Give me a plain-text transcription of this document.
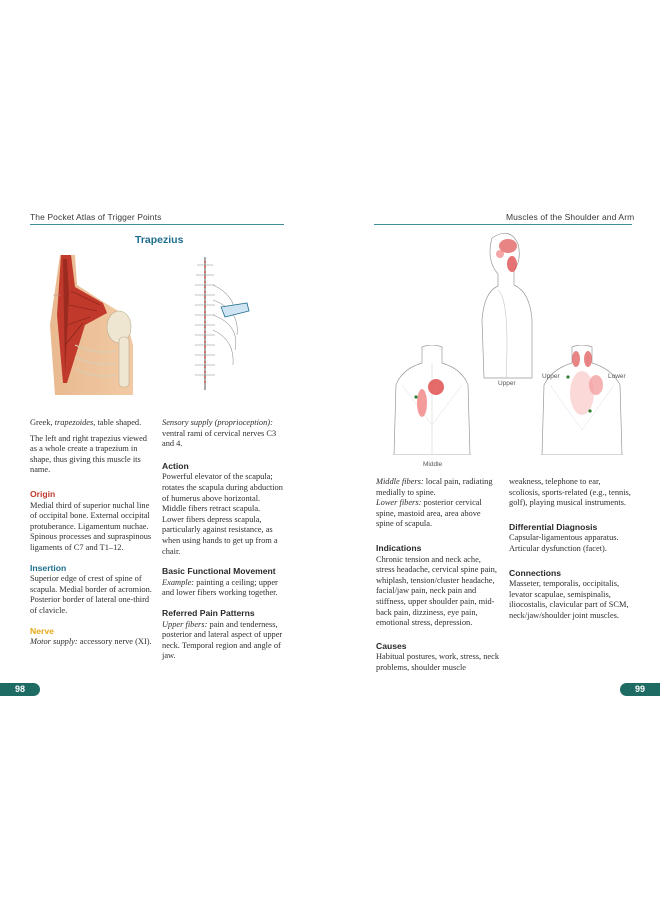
The Pocket Atlas of Trigger Points
Trapezius

Greek, trapezoides, table shaped.

The left and right trapezius viewed as a whole create a trapezium in shape, thus giving this muscle its name.

Origin
Medial third of superior nuchal line of occipital bone. External occipital protuberance. Ligamentum nuchae. Spinous processes and supraspinous ligaments of C7 and T1–12.
Insertion
Superior edge of crest of spine of scapula. Medial border of acromion. Posterior border of lateral one-third of clavicle.
Nerve
Motor supply: accessory nerve (XI).
Sensory supply (proprioception): ventral rami of cervical nerves C3 and 4.
Action
Powerful elevator of the scapula; rotates the scapula during abduction of humerus above horizontal.
Middle fibers retract scapula.
Lower fibers depress scapula, particularly against resistance, as when using hands to get up from a chair.
Basic Functional Movement
Example: painting a ceiling; upper and lower fibers working together.
Referred Pain Patterns
Upper fibers: pain and tenderness, posterior and lateral aspect of upper neck. Temporal region and angle of jaw.
98
Muscles of the Shoulder and Arm
Upper
Middle
Upper	Lower
Middle fibers: local pain, radiating medially to spine.
Lower fibers: posterior cervical spine, mastoid area, area above spine of scapula.
Indications
Chronic tension and neck ache, stress headache, cervical spine pain, whiplash, tension/cluster headache, facial/jaw pain, neck pain and stiffness, upper shoulder pain, mid-back pain, dizziness, eye pain, emotional stress, depression.
Causes
Habitual postures, work, stress, neck problems, shoulder muscle
weakness, telephone to ear, scoliosis, sports-related (e.g., tennis, golf), playing musical instruments.
Differential Diagnosis
Capsular-ligamentous apparatus. Articular dysfunction (facet).
Connections
Masseter, temporalis, occipitalis, levator scapulae, semispinalis, iliocostalis, clavicular part of SCM, neck/jaw/shoulder joint muscles.
99
